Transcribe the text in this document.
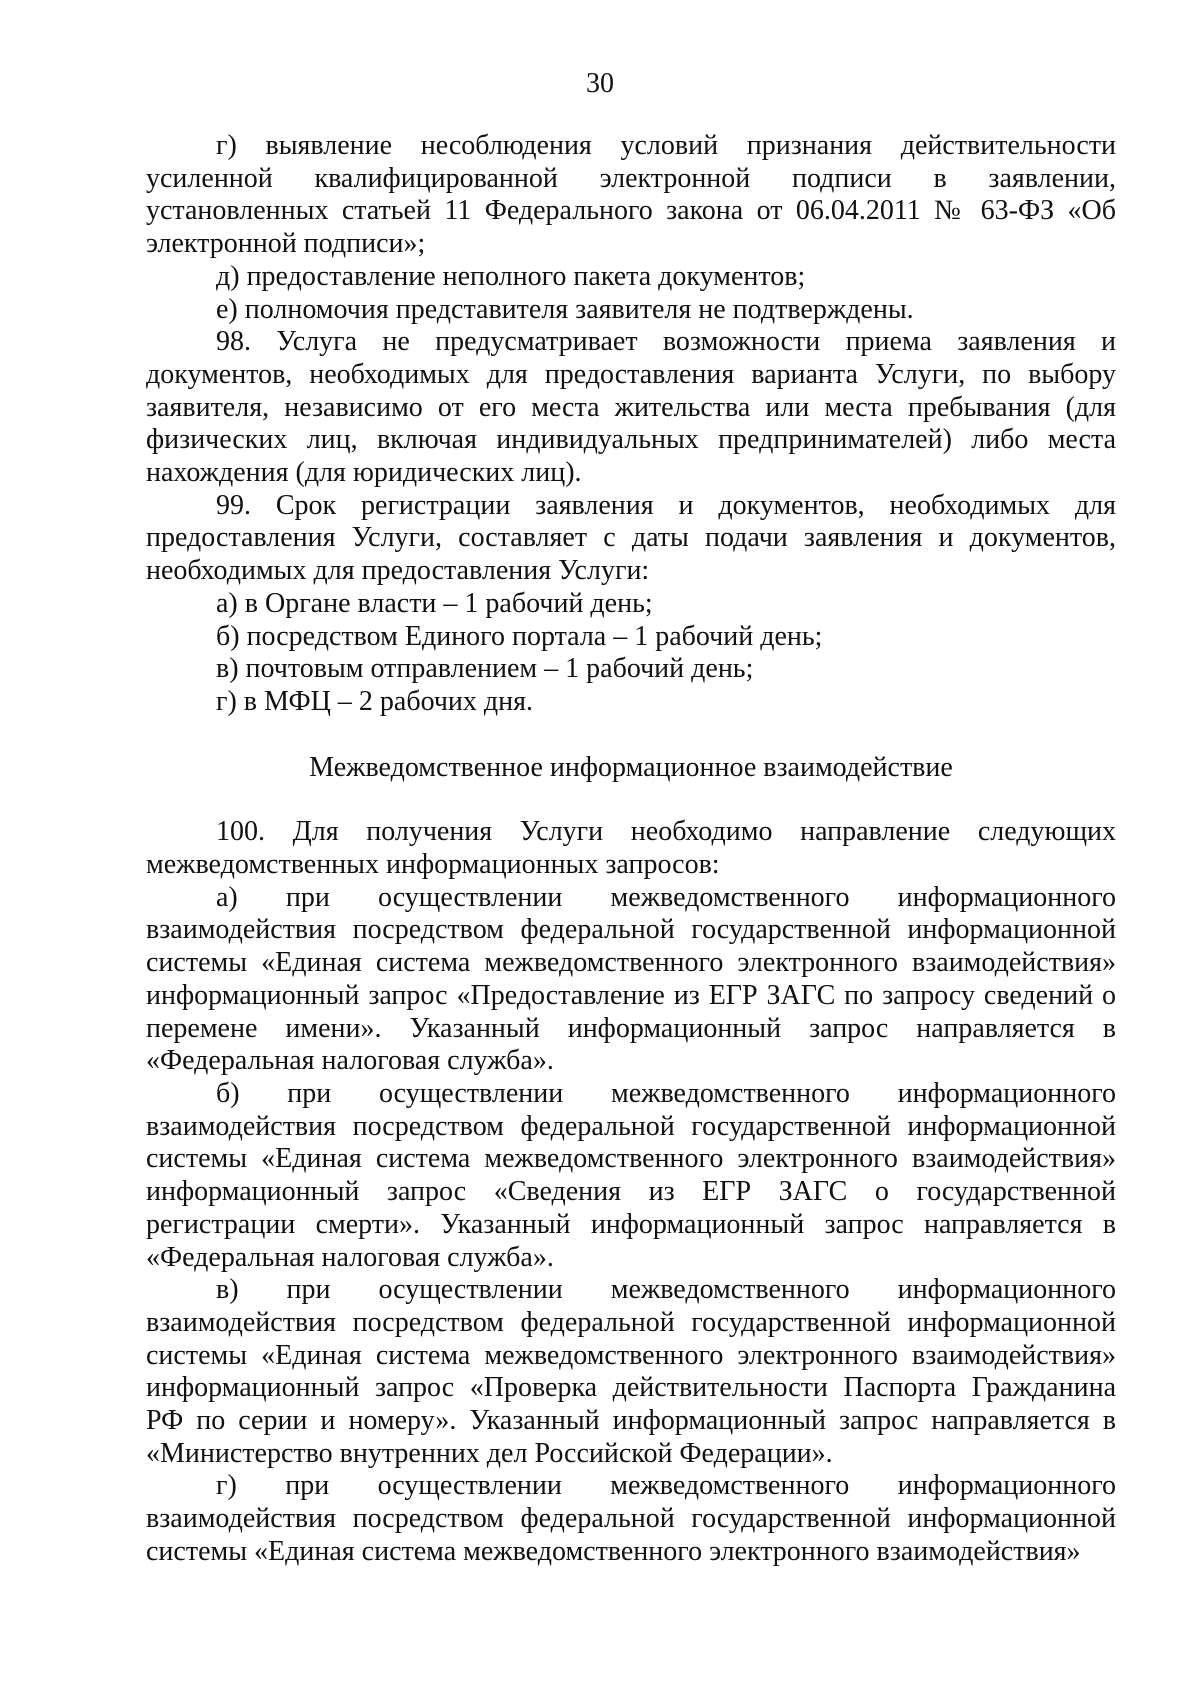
30

г) выявление несоблюдения условий признания действительности усиленной квалифицированной электронной подписи в заявлении, установленных статьей 11 Федерального закона от 06.04.2011 № 63-ФЗ «Об электронной подписи»;

д) предоставление неполного пакета документов;

е) полномочия представителя заявителя не подтверждены.

98. Услуга не предусматривает возможности приема заявления и документов, необходимых для предоставления варианта Услуги, по выбору заявителя, независимо от его места жительства или места пребывания (для физических лиц, включая индивидуальных предпринимателей) либо места нахождения (для юридических лиц).

99. Срок регистрации заявления и документов, необходимых для предоставления Услуги, составляет с даты подачи заявления и документов, необходимых для предоставления Услуги:

а) в Органе власти – 1 рабочий день;

б) посредством Единого портала – 1 рабочий день;

в) почтовым отправлением – 1 рабочий день;

г) в МФЦ – 2 рабочих дня.

Межведомственное информационное взаимодействие

100. Для получения Услуги необходимо направление следующих межведомственных информационных запросов:

а) при осуществлении межведомственного информационного взаимодействия посредством федеральной государственной информационной системы «Единая система межведомственного электронного взаимодействия» информационный запрос «Предоставление из ЕГР ЗАГС по запросу сведений о перемене имени». Указанный информационный запрос направляется в «Федеральная налоговая служба».

б) при осуществлении межведомственного информационного взаимодействия посредством федеральной государственной информационной системы «Единая система межведомственного электронного взаимодействия» информационный запрос «Сведения из ЕГР ЗАГС о государственной регистрации смерти». Указанный информационный запрос направляется в «Федеральная налоговая служба».

в) при осуществлении межведомственного информационного взаимодействия посредством федеральной государственной информационной системы «Единая система межведомственного электронного взаимодействия» информационный запрос «Проверка действительности Паспорта Гражданина РФ по серии и номеру». Указанный информационный запрос направляется в «Министерство внутренних дел Российской Федерации».

г) при осуществлении межведомственного информационного взаимодействия посредством федеральной государственной информационной системы «Единая система межведомственного электронного взаимодействия»
